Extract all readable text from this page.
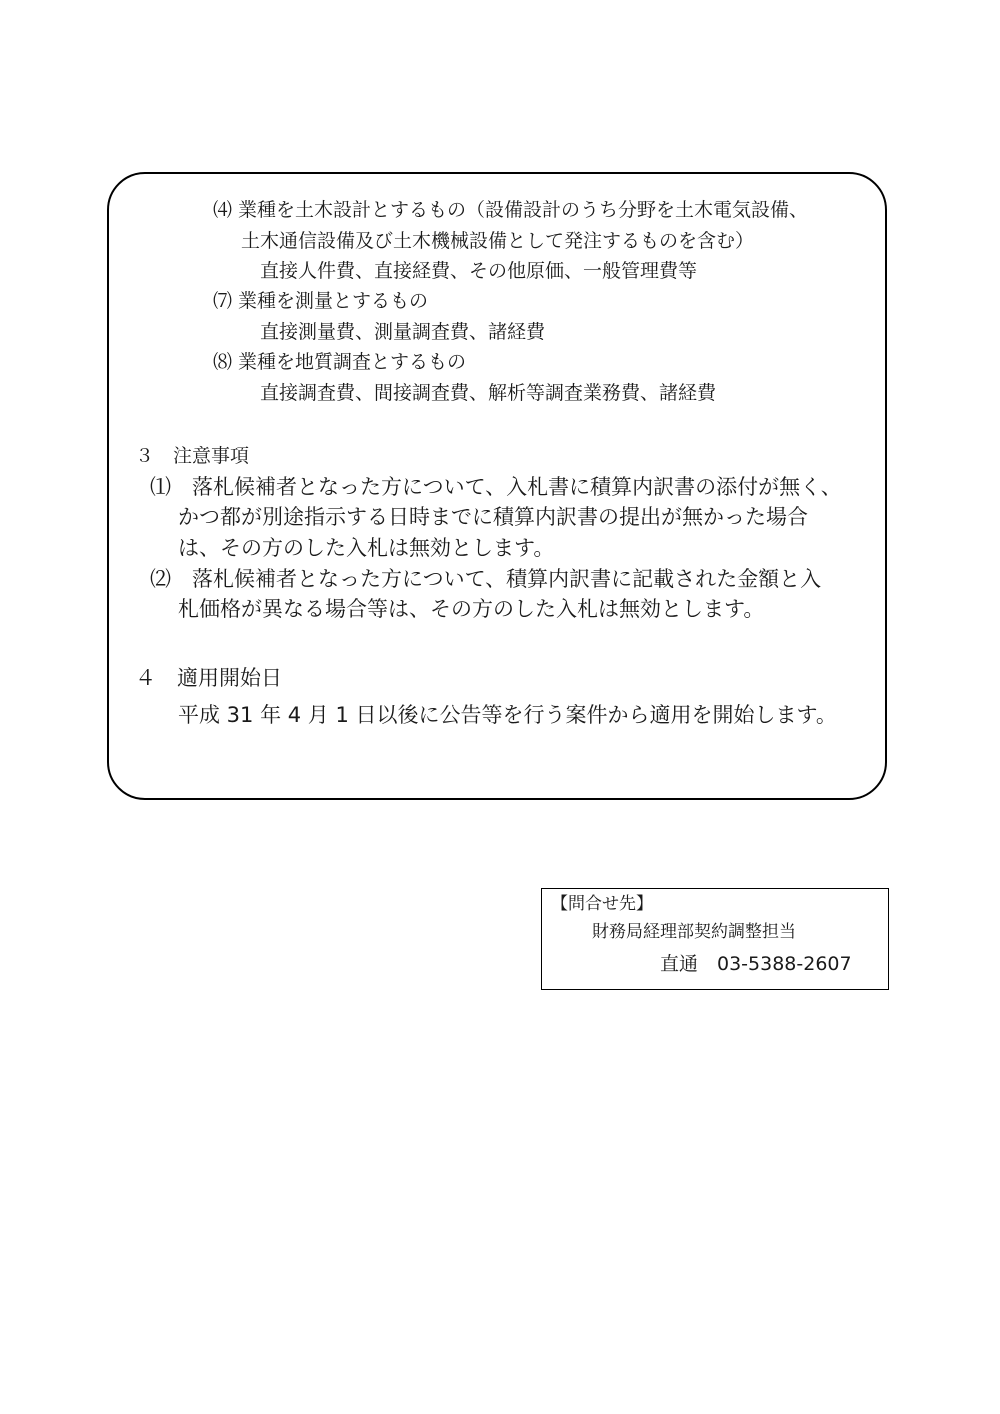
⑷ 業種を土木設計とするもの（設備設計のうち分野を土木電気設備、
土木通信設備及び土木機械設備として発注するものを含む）
直接人件費、直接経費、その他原価、一般管理費等
⑺ 業種を測量とするもの
直接測量費、測量調査費、諸経費
⑻ 業種を地質調査とするもの
直接調査費、間接調査費、解析等調査業務費、諸経費
３　注意事項
⑴　落札候補者となった方について、入札書に積算内訳書の添付が無く、
かつ都が別途指示する日時までに積算内訳書の提出が無かった場合
は、その方のした入札は無効とします。
⑵　落札候補者となった方について、積算内訳書に記載された金額と入
札価格が異なる場合等は、その方のした入札は無効とします。
４　適用開始日
平成 31 年 4 月 1 日以後に公告等を行う案件から適用を開始します。
【問合せ先】
財務局経理部契約調整担当
直通　03-5388-2607
